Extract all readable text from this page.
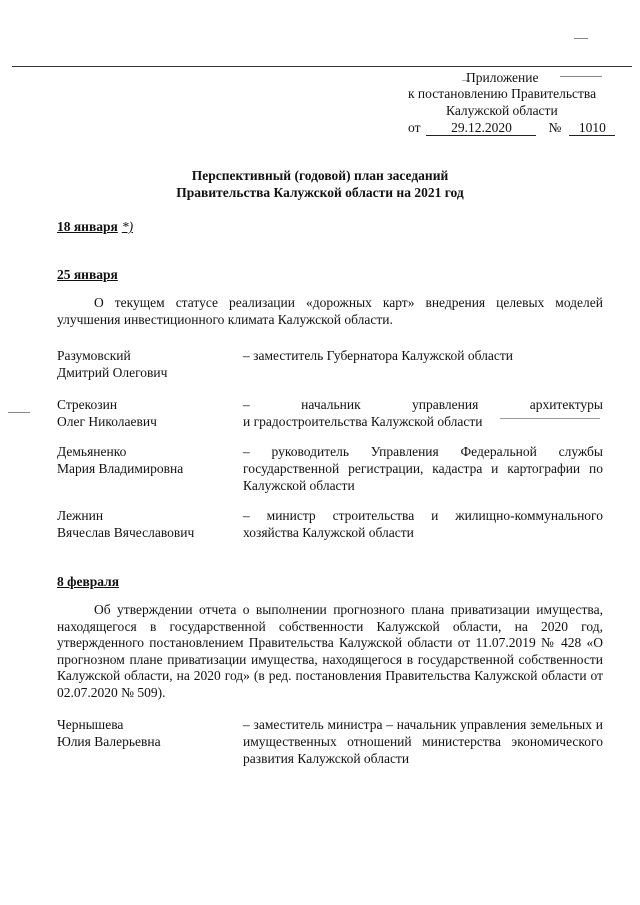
Приложение
к постановлению Правительства
Калужской области
от 29.12.2020	№ 1010
Перспективный (годовой) план заседаний
Правительства Калужской области на 2021 год
18 января *)
25 января
О текущем статусе реализации «дорожных карт» внедрения целевых моделей улучшения инвестиционного климата Калужской области.
Разумовский
Дмитрий Олегович
– заместитель Губернатора Калужской области
Стрекозин
Олег Николаевич
– начальник управления архитектуры
и градостроительства Калужской области
Демьяненко
Мария Владимировна
– руководитель Управления Федеральной службы государственной регистрации, кадастра и картографии по Калужской области
Лежнин
Вячеслав Вячеславович
– министр строительства и жилищно-коммунального хозяйства Калужской области
8 февраля
Об утверждении отчета о выполнении прогнозного плана приватизации имущества, находящегося в государственной собственности Калужской области, на 2020 год, утвержденного постановлением Правительства Калужской области от 11.07.2019 № 428 «О прогнозном плане приватизации имущества, находящегося в государственной собственности Калужской области, на 2020 год» (в ред. постановления Правительства Калужской области от 02.07.2020 № 509).
Чернышева
Юлия Валерьевна
– заместитель министра – начальник управления земельных и имущественных отношений министерства экономического развития Калужской области
